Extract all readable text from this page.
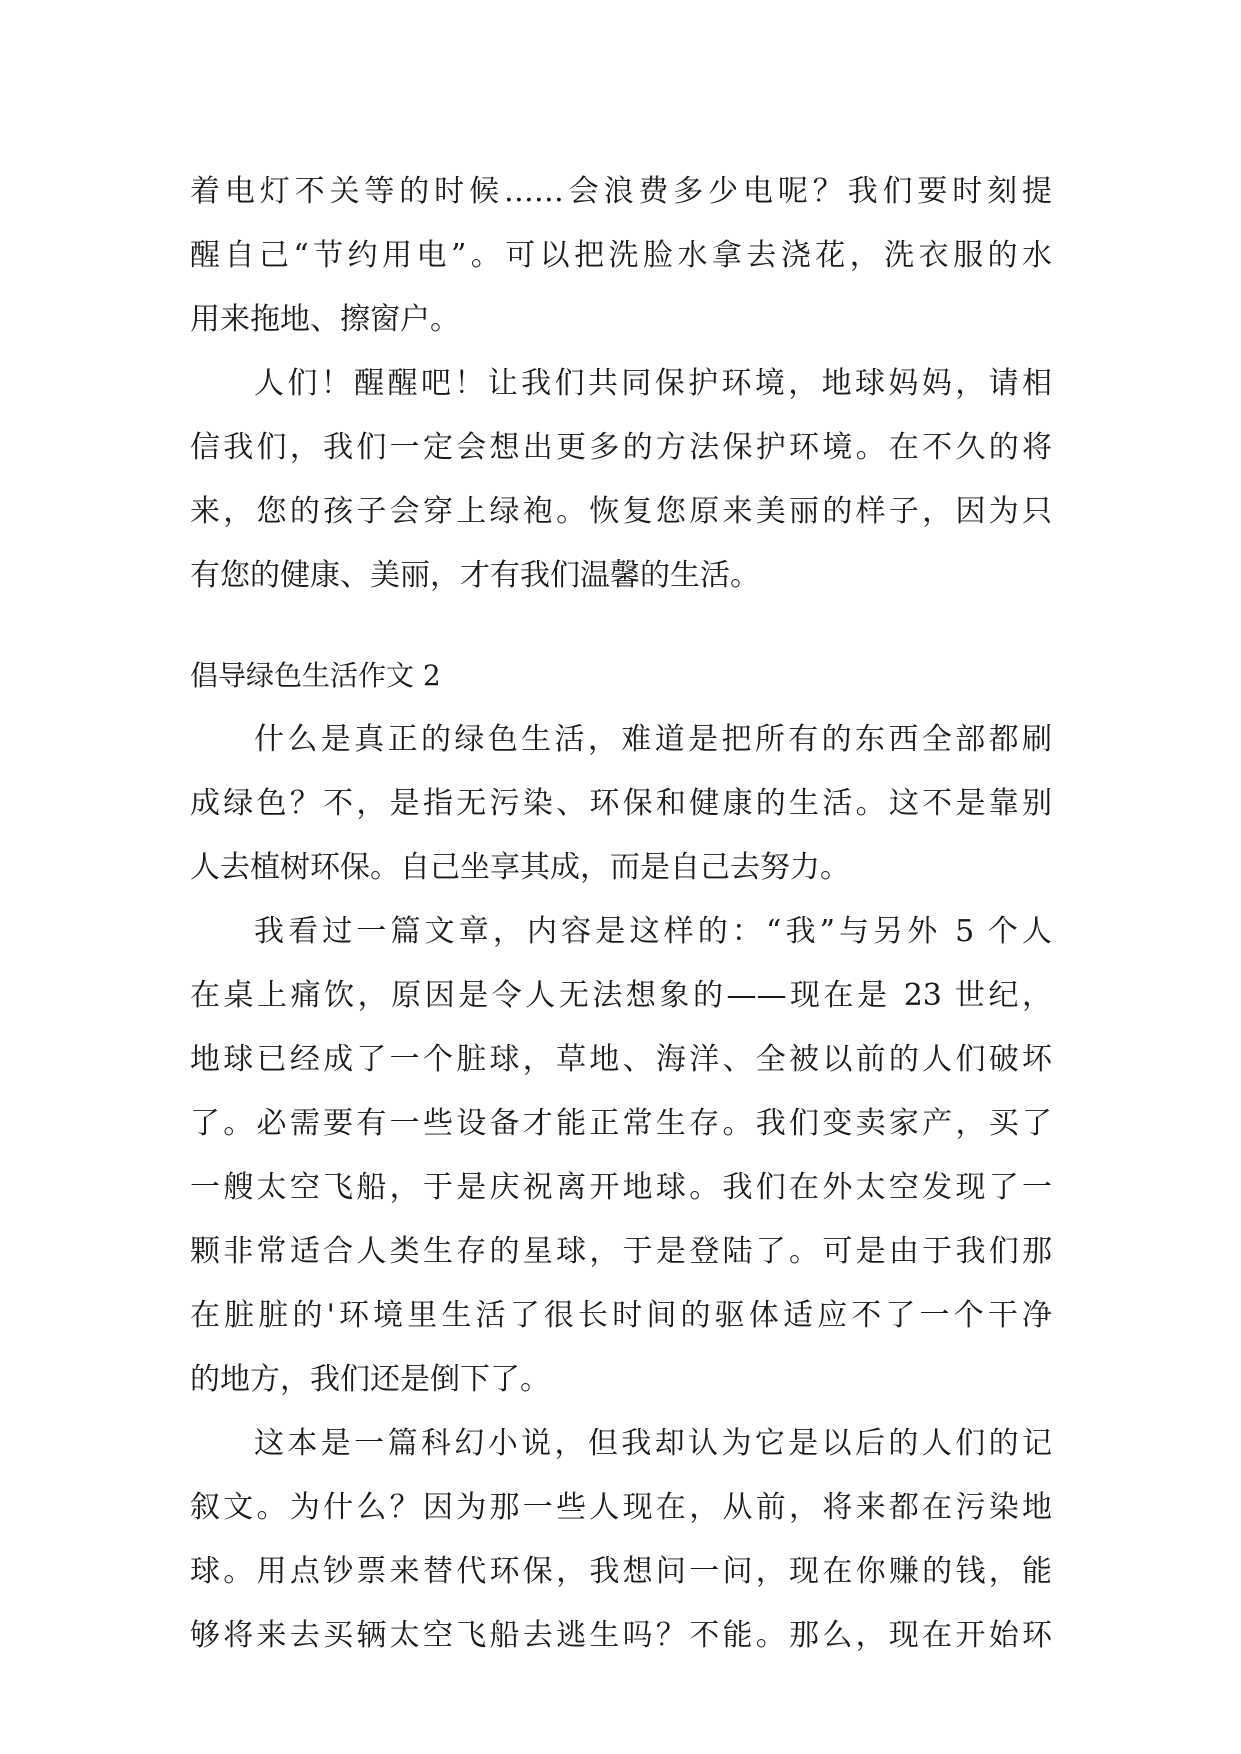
着电灯不关等的时候……会浪费多少电呢？我们要时刻提
醒自己“节约用电”。可以把洗脸水拿去浇花，洗衣服的水
用来拖地、擦窗户。
人们！醒醒吧！让我们共同保护环境，地球妈妈，请相
信我们，我们一定会想出更多的方法保护环境。在不久的将
来，您的孩子会穿上绿袍。恢复您原来美丽的样子，因为只
有您的健康、美丽，才有我们温馨的生活。
倡导绿色生活作文 2
什么是真正的绿色生活，难道是把所有的东西全部都刷
成绿色？不，是指无污染、环保和健康的生活。这不是靠别
人去植树环保。自己坐享其成，而是自己去努力。
我看过一篇文章，内容是这样的：“我”与另外 5 个人
在桌上痛饮，原因是令人无法想象的——现在是 23 世纪，
地球已经成了一个脏球，草地、海洋、全被以前的人们破坏
了。必需要有一些设备才能正常生存。我们变卖家产，买了
一艘太空飞船，于是庆祝离开地球。我们在外太空发现了一
颗非常适合人类生存的星球，于是登陆了。可是由于我们那
在脏脏的'环境里生活了很长时间的驱体适应不了一个干净
的地方，我们还是倒下了。
这本是一篇科幻小说，但我却认为它是以后的人们的记
叙文。为什么？因为那一些人现在，从前，将来都在污染地
球。用点钞票来替代环保，我想问一问，现在你赚的钱，能
够将来去买辆太空飞船去逃生吗？不能。那么，现在开始环
